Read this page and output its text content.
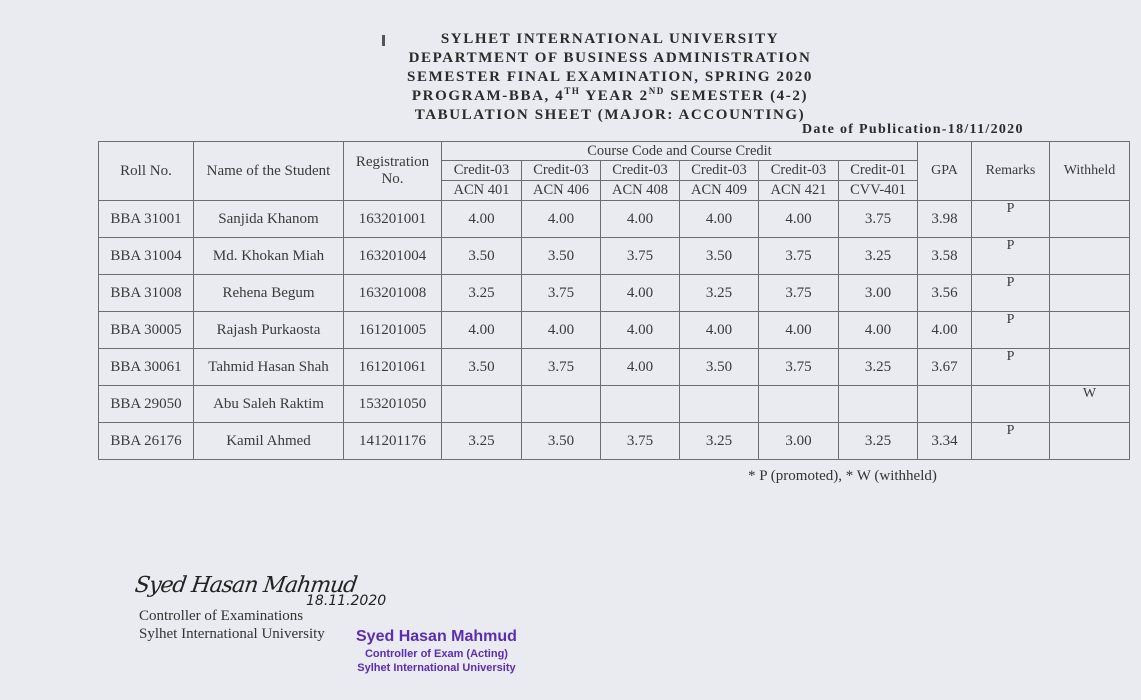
SYLHET INTERNATIONAL UNIVERSITY
DEPARTMENT OF BUSINESS ADMINISTRATION
SEMESTER FINAL EXAMINATION, SPRING 2020
PROGRAM-BBA, 4TH YEAR 2ND SEMESTER (4-2)
TABULATION SHEET (MAJOR: ACCOUNTING)
Date of Publication-18/11/2020
Roll No.	Name of the Student	Registration No.	Course Code and Course Credit						GPA	Remarks	Withheld
			Credit-03	Credit-03	Credit-03	Credit-03	Credit-03	Credit-01			
			ACN 401	ACN 406	ACN 408	ACN 409	ACN 421	CVV-401			
BBA 31001	Sanjida Khanom	163201001	4.00	4.00	4.00	4.00	4.00	3.75	3.98	P	
BBA 31004	Md. Khokan Miah	163201004	3.50	3.50	3.75	3.50	3.75	3.25	3.58	P	
BBA 31008	Rehena Begum	163201008	3.25	3.75	4.00	3.25	3.75	3.00	3.56	P	
BBA 30005	Rajash Purkaosta	161201005	4.00	4.00	4.00	4.00	4.00	4.00	4.00	P	
BBA 30061	Tahmid Hasan Shah	161201061	3.50	3.75	4.00	3.50	3.75	3.25	3.67	P	
BBA 29050	Abu Saleh Raktim	153201050									W
BBA 26176	Kamil Ahmed	141201176	3.25	3.50	3.75	3.25	3.00	3.25	3.34	P	
* P (promoted), * W (withheld)
Syed Hasan Mahmud
18.11.2020
Controller of Examinations
Sylhet International University Syed Hasan Mahmud
Controller of Exam (Acting)
Sylhet International University
